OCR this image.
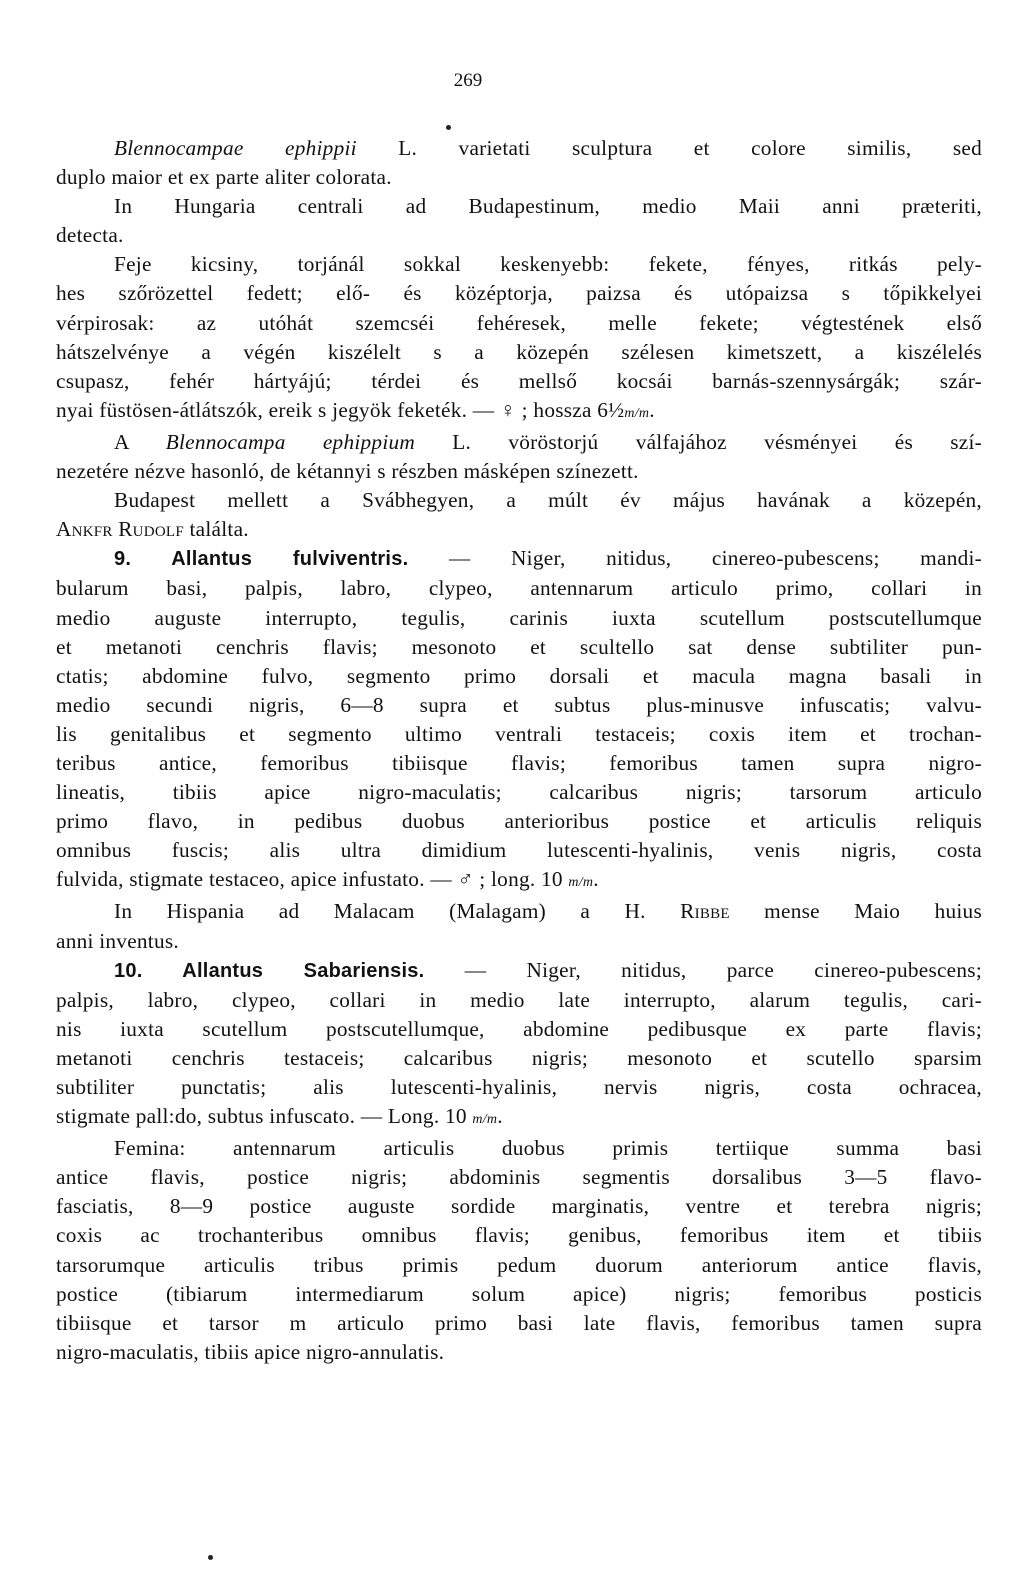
269
Blennocampae ephippii L. varietati sculptura et colore similis, sed
duplo maior et ex parte aliter colorata.
In Hungaria centrali ad Budapestinum, medio Maii anni præteriti,
detecta.
Feje kicsiny, torjánál sokkal keskenyebb: fekete, fényes, ritkás pely-
hes szőrözettel fedett; elő- és középtorja, paizsa és utópaizsa s tőpikkelyei
vérpirosak: az utóhát szemcséi fehéresek, melle fekete; végtestének első
hátszelvénye a végén kiszélelt s a közepén szélesen kimetszett, a kiszélelés
csupasz, fehér hártyájú; térdei és mellső kocsái barnás-szennysárgák; szár-
nyai füstösen-átlátszók, ereik s jegyök feketék. — ♀ ; hossza 6½m/m.
A Blennocampa ephippium L. vöröstorjú válfajához vésményei és szí-
nezetére nézve hasonló, de kétannyi s részben másképen színezett.
Budapest mellett a Svábhegyen, a múlt év május havának a közepén,
Ankfr Rudolf találta.
9. Allantus fulviventris. — Niger, nitidus, cinereo-pubescens; mandi-
bularum basi, palpis, labro, clypeo, antennarum articulo primo, collari in
medio auguste interrupto, tegulis, carinis iuxta scutellum postscutellumque
et metanoti cenchris flavis; mesonoto et scultello sat dense subtiliter pun-
ctatis; abdomine fulvo, segmento primo dorsali et macula magna basali in
medio secundi nigris, 6—8 supra et subtus plus-minusve infuscatis; valvu-
lis genitalibus et segmento ultimo ventrali testaceis; coxis item et trochan-
teribus antice, femoribus tibiisque flavis; femoribus tamen supra nigro-
lineatis, tibiis apice nigro-maculatis; calcaribus nigris; tarsorum articulo
primo flavo, in pedibus duobus anterioribus postice et articulis reliquis
omnibus fuscis; alis ultra dimidium lutescenti-hyalinis, venis nigris, costa
fulvida, stigmate testaceo, apice infustato. — ♂ ; long. 10 m/m.
In Hispania ad Malacam (Malagam) a H. Ribbe mense Maio huius
anni inventus.
10. Allantus Sabariensis. — Niger, nitidus, parce cinereo-pubescens;
palpis, labro, clypeo, collari in medio late interrupto, alarum tegulis, cari-
nis iuxta scutellum postscutellumque, abdomine pedibusque ex parte flavis;
metanoti cenchris testaceis; calcaribus nigris; mesonoto et scutello sparsim
subtiliter punctatis; alis lutescenti-hyalinis, nervis nigris, costa ochracea,
stigmate pall:do, subtus infuscato. — Long. 10 m/m.
Femina: antennarum articulis duobus primis tertiique summa basi
antice flavis, postice nigris; abdominis segmentis dorsalibus 3—5 flavo-
fasciatis, 8—9 postice auguste sordide marginatis, ventre et terebra nigris;
coxis ac trochanteribus omnibus flavis; genibus, femoribus item et tibiis
tarsorumque articulis tribus primis pedum duorum anteriorum antice flavis,
postice (tibiarum intermediarum solum apice) nigris; femoribus posticis
tibiisque et tarsor m articulo primo basi late flavis, femoribus tamen supra
nigro-maculatis, tibiis apice nigro-annulatis.
